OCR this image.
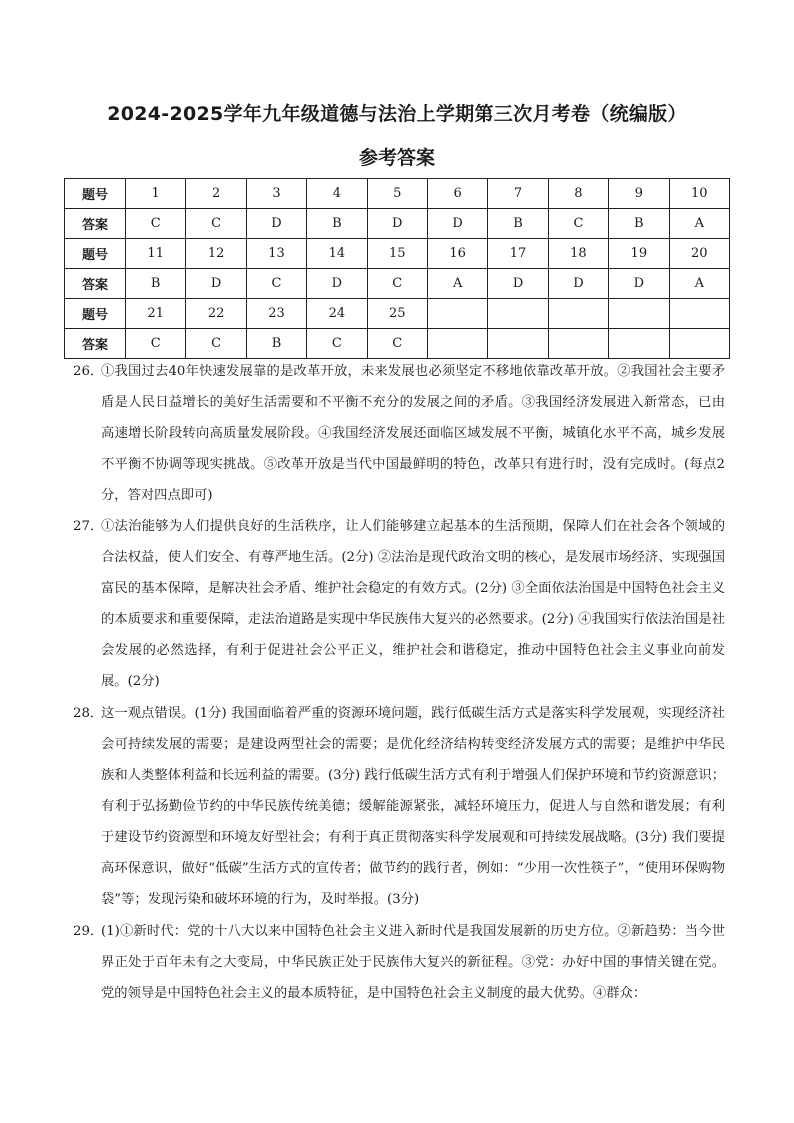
2024-2025学年九年级道德与法治上学期第三次月考卷（统编版）
参考答案
题号	1	2	3	4	5	6	7	8	9	10
答案	C	C	D	B	D	D	B	C	B	A
题号	11	12	13	14	15	16	17	18	19	20
答案	B	D	C	D	C	A	D	D	D	A
题号	21	22	23	24	25					
答案	C	C	B	C	C					
26．
①我国过去40年快速发展靠的是改革开放，未来发展也必须坚定不移地依靠改革开放。②我国社会主要矛盾是人民日益增长的美好生活需要和不平衡不充分的发展之间的矛盾。③我国经济发展进入新常态，已由高速增长阶段转向高质量发展阶段。④我国经济发展还面临区域发展不平衡，城镇化水平不高，城乡发展不平衡不协调等现实挑战。⑤改革开放是当代中国最鲜明的特色，改革只有进行时，没有完成时。(每点2分，答对四点即可)
27．
①法治能够为人们提供良好的生活秩序，让人们能够建立起基本的生活预期，保障人们在社会各个领域的合法权益，使人们安全、有尊严地生活。(2分) ②法治是现代政治文明的核心，是发展市场经济、实现强国富民的基本保障，是解决社会矛盾、维护社会稳定的有效方式。(2分) ③全面依法治国是中国特色社会主义的本质要求和重要保障，走法治道路是实现中华民族伟大复兴的必然要求。(2分) ④我国实行依法治国是社会发展的必然选择，有利于促进社会公平正义，维护社会和谐稳定，推动中国特色社会主义事业向前发展。(2分)
28．
这一观点错误。(1分) 我国面临着严重的资源环境问题，践行低碳生活方式是落实科学发展观，实现经济社会可持续发展的需要；是建设两型社会的需要；是优化经济结构转变经济发展方式的需要；是维护中华民族和人类整体利益和长远利益的需要。(3分) 践行低碳生活方式有利于增强人们保护环境和节约资源意识；有利于弘扬勤俭节约的中华民族传统美德；缓解能源紧张，减轻环境压力，促进人与自然和谐发展；有利于建设节约资源型和环境友好型社会；有利于真正贯彻落实科学发展观和可持续发展战略。(3分) 我们要提高环保意识，做好“低碳”生活方式的宣传者；做节约的践行者，例如：“少用一次性筷子”，“使用环保购物袋”等；发现污染和破坏环境的行为，及时举报。(3分)
29．
(1)①新时代：党的十八大以来中国特色社会主义进入新时代是我国发展新的历史方位。②新趋势：当今世界正处于百年未有之大变局，中华民族正处于民族伟大复兴的新征程。③党：办好中国的事情关键在党。党的领导是中国特色社会主义的最本质特征，是中国特色社会主义制度的最大优势。④群众：
